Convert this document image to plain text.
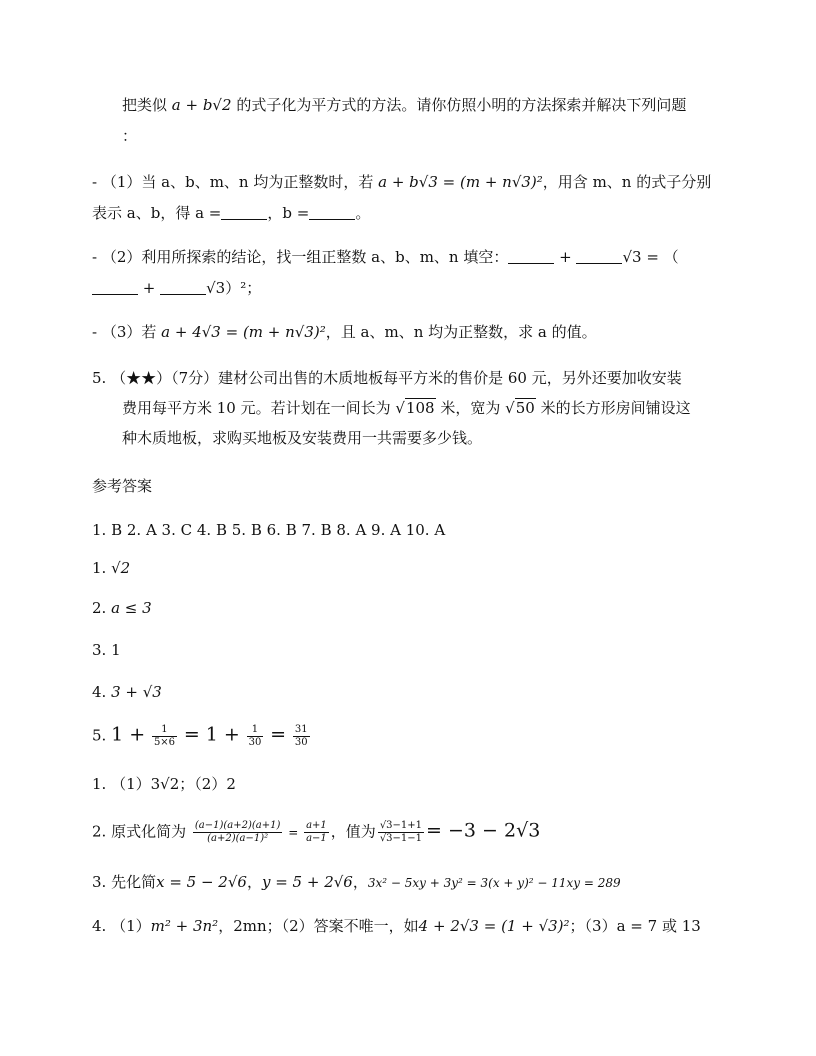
把类似 a + b√2 的式子化为平方式的方法。请你仿照小明的方法探索并解决下列问题
：
- （1）当 a、b、m、n 均为正整数时，若 a + b√3 = (m + n√3)²，用含 m、n 的式子分别
表示 a、b，得 a =	，b =	。
- （2）利用所探索的结论，找一组正整数 a、b、m、n 填空：	+	√3 = （
+	√3）²；
- （3）若 a + 4√3 = (m + n√3)²，且 a、m、n 均为正整数，求 a 的值。
5. （★★）（7分）建材公司出售的木质地板每平方米的售价是 60 元，另外还要加收安装
费用每平方米 10 元。若计划在一间长为 √108 米，宽为 √50 米的长方形房间铺设这
种木质地板，求购买地板及安装费用一共需要多少钱。
参考答案
1. B 2. A 3. C 4. B 5. B 6. B 7. B 8. A 9. A 10. A
1. √2
2. a ≤ 3
3. 1
4. 3 + √3
5. $1 + \frac{1}{5\times 6} = 1 + \frac{1}{30} = \frac{31}{30}$
1. （1）3√2；（2）2
2. 原式化简为 $\frac{(a-1)(a+2)(a+1)}{\text{(a+2)(a−1)²}} = \frac{a+1}{a-1}$ ，值为 $\frac{√3-1+1}{√3-1-1} = -3 - 2√3$
3. 先化简x = 5 − 2√6，y = 5 + 2√6，3x² − 5xy + 3y² = 3(x + y)² − 11xy = 289
4. （1）m² + 3n²，2mn；（2）答案不唯一，如4 + 2√3 = (1 + √3)²；（3）a = 7 或 13
